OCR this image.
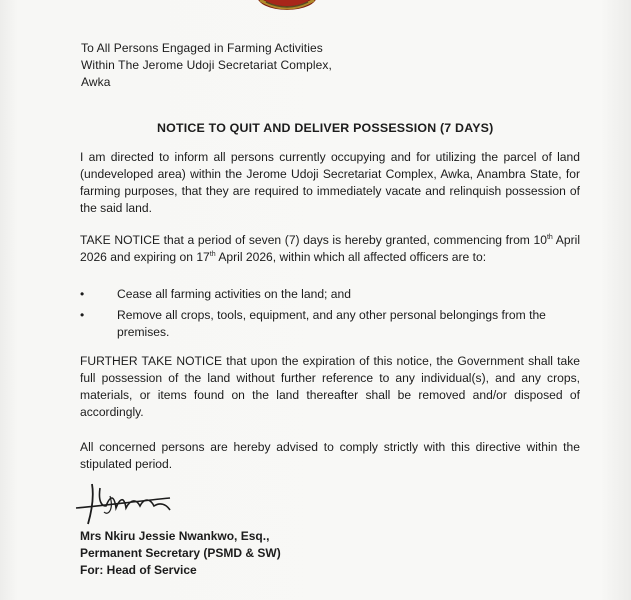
To All Persons Engaged in Farming Activities
Within The Jerome Udoji Secretariat Complex,
Awka
NOTICE TO QUIT AND DELIVER POSSESSION (7 DAYS)
I am directed to inform all persons currently occupying and for utilizing the parcel of land (undeveloped area) within the Jerome Udoji Secretariat Complex, Awka, Anambra State, for farming purposes, that they are required to immediately vacate and relinquish possession of the said land.
TAKE NOTICE that a period of seven (7) days is hereby granted, commencing from 10th April 2026 and expiring on 17th April 2026, within which all affected officers are to:
•	Cease all farming activities on the land; and
•	Remove all crops, tools, equipment, and any other personal belongings from the premises.
FURTHER TAKE NOTICE that upon the expiration of this notice, the Government shall take full possession of the land without further reference to any individual(s), and any crops, materials, or items found on the land thereafter shall be removed and/or disposed of accordingly.
All concerned persons are hereby advised to comply strictly with this directive within the stipulated period.
Mrs Nkiru Jessie Nwankwo, Esq.,
Permanent Secretary (PSMD & SW)
For: Head of Service
